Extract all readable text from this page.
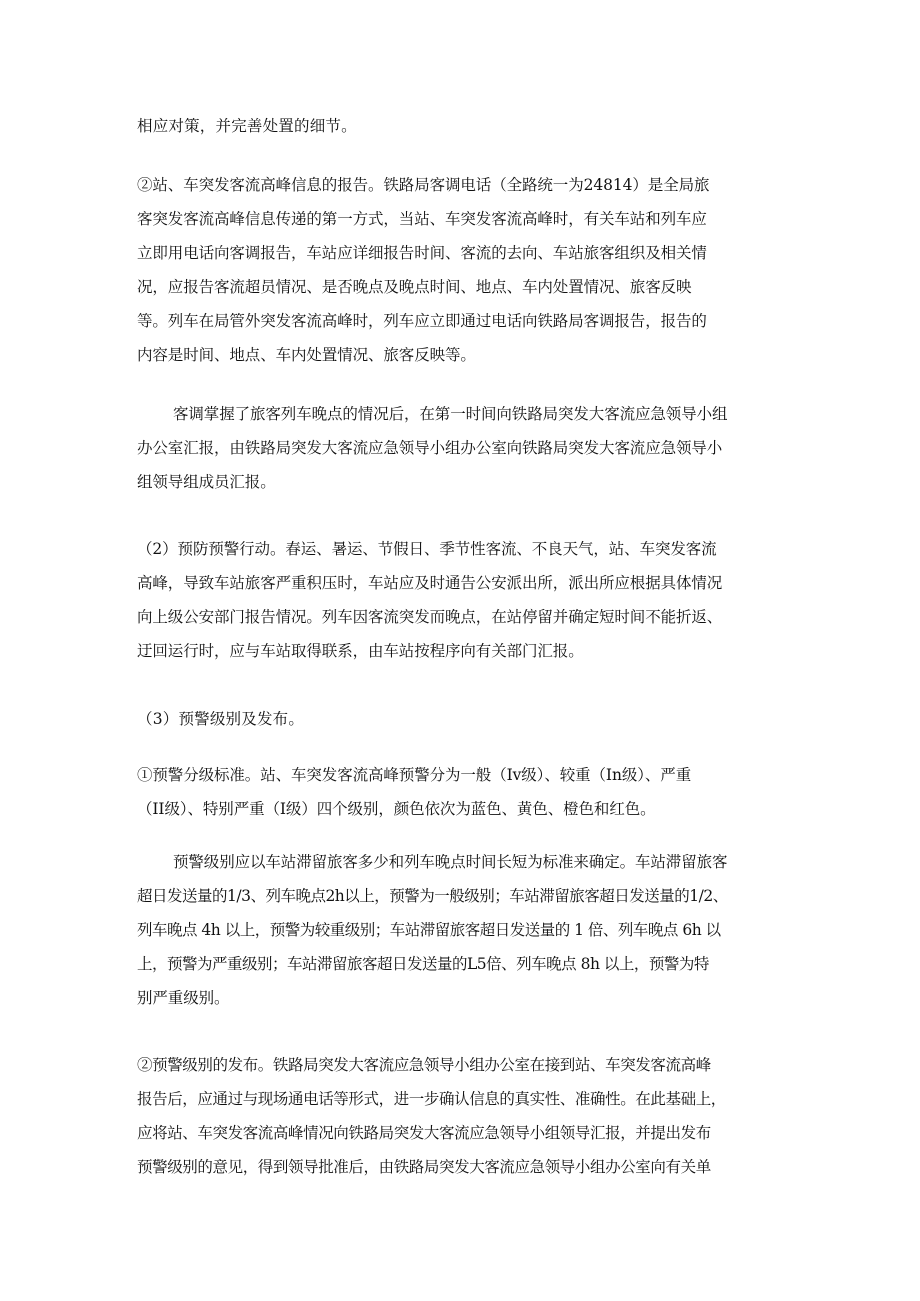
相应对策，并完善处置的细节。
②站、车突发客流高峰信息的报告。铁路局客调电话（全路统一为24814）是全局旅
客突发客流高峰信息传递的第一方式，当站、车突发客流高峰时，有关车站和列车应
立即用电话向客调报告，车站应详细报告时间、客流的去向、车站旅客组织及相关情
况，应报告客流超员情况、是否晚点及晚点时间、地点、车内处置情况、旅客反映
等。列车在局管外突发客流高峰时，列车应立即通过电话向铁路局客调报告，报告的
内容是时间、地点、车内处置情况、旅客反映等。
客调掌握了旅客列车晚点的情况后，在第一时间向铁路局突发大客流应急领导小组
办公室汇报，由铁路局突发大客流应急领导小组办公室向铁路局突发大客流应急领导小
组领导组成员汇报。
（2）预防预警行动。春运、暑运、节假日、季节性客流、不良天气，站、车突发客流
高峰，导致车站旅客严重积压时，车站应及时通告公安派出所，派出所应根据具体情况
向上级公安部门报告情况。列车因客流突发而晚点，在站停留并确定短时间不能折返、
迂回运行时，应与车站取得联系，由车站按程序向有关部门汇报。
（3）预警级别及发布。
①预警分级标准。站、车突发客流高峰预警分为一般（Iv级）、较重（In级）、严重
（II级）、特别严重（I级）四个级别，颜色依次为蓝色、黄色、橙色和红色。
预警级别应以车站滞留旅客多少和列车晚点时间长短为标准来确定。车站滞留旅客
超日发送量的1/3、列车晚点2h以上，预警为一般级别；车站滞留旅客超日发送量的1/2、
列车晚点 4h 以上，预警为较重级别；车站滞留旅客超日发送量的 1 倍、列车晚点 6h 以
上，预警为严重级别；车站滞留旅客超日发送量的L5倍、列车晚点 8h 以上，预警为特
别严重级别。
②预警级别的发布。铁路局突发大客流应急领导小组办公室在接到站、车突发客流高峰
报告后，应通过与现场通电话等形式，进一步确认信息的真实性、准确性。在此基础上，
应将站、车突发客流高峰情况向铁路局突发大客流应急领导小组领导汇报，并提出发布
预警级别的意见，得到领导批准后，由铁路局突发大客流应急领导小组办公室向有关单
